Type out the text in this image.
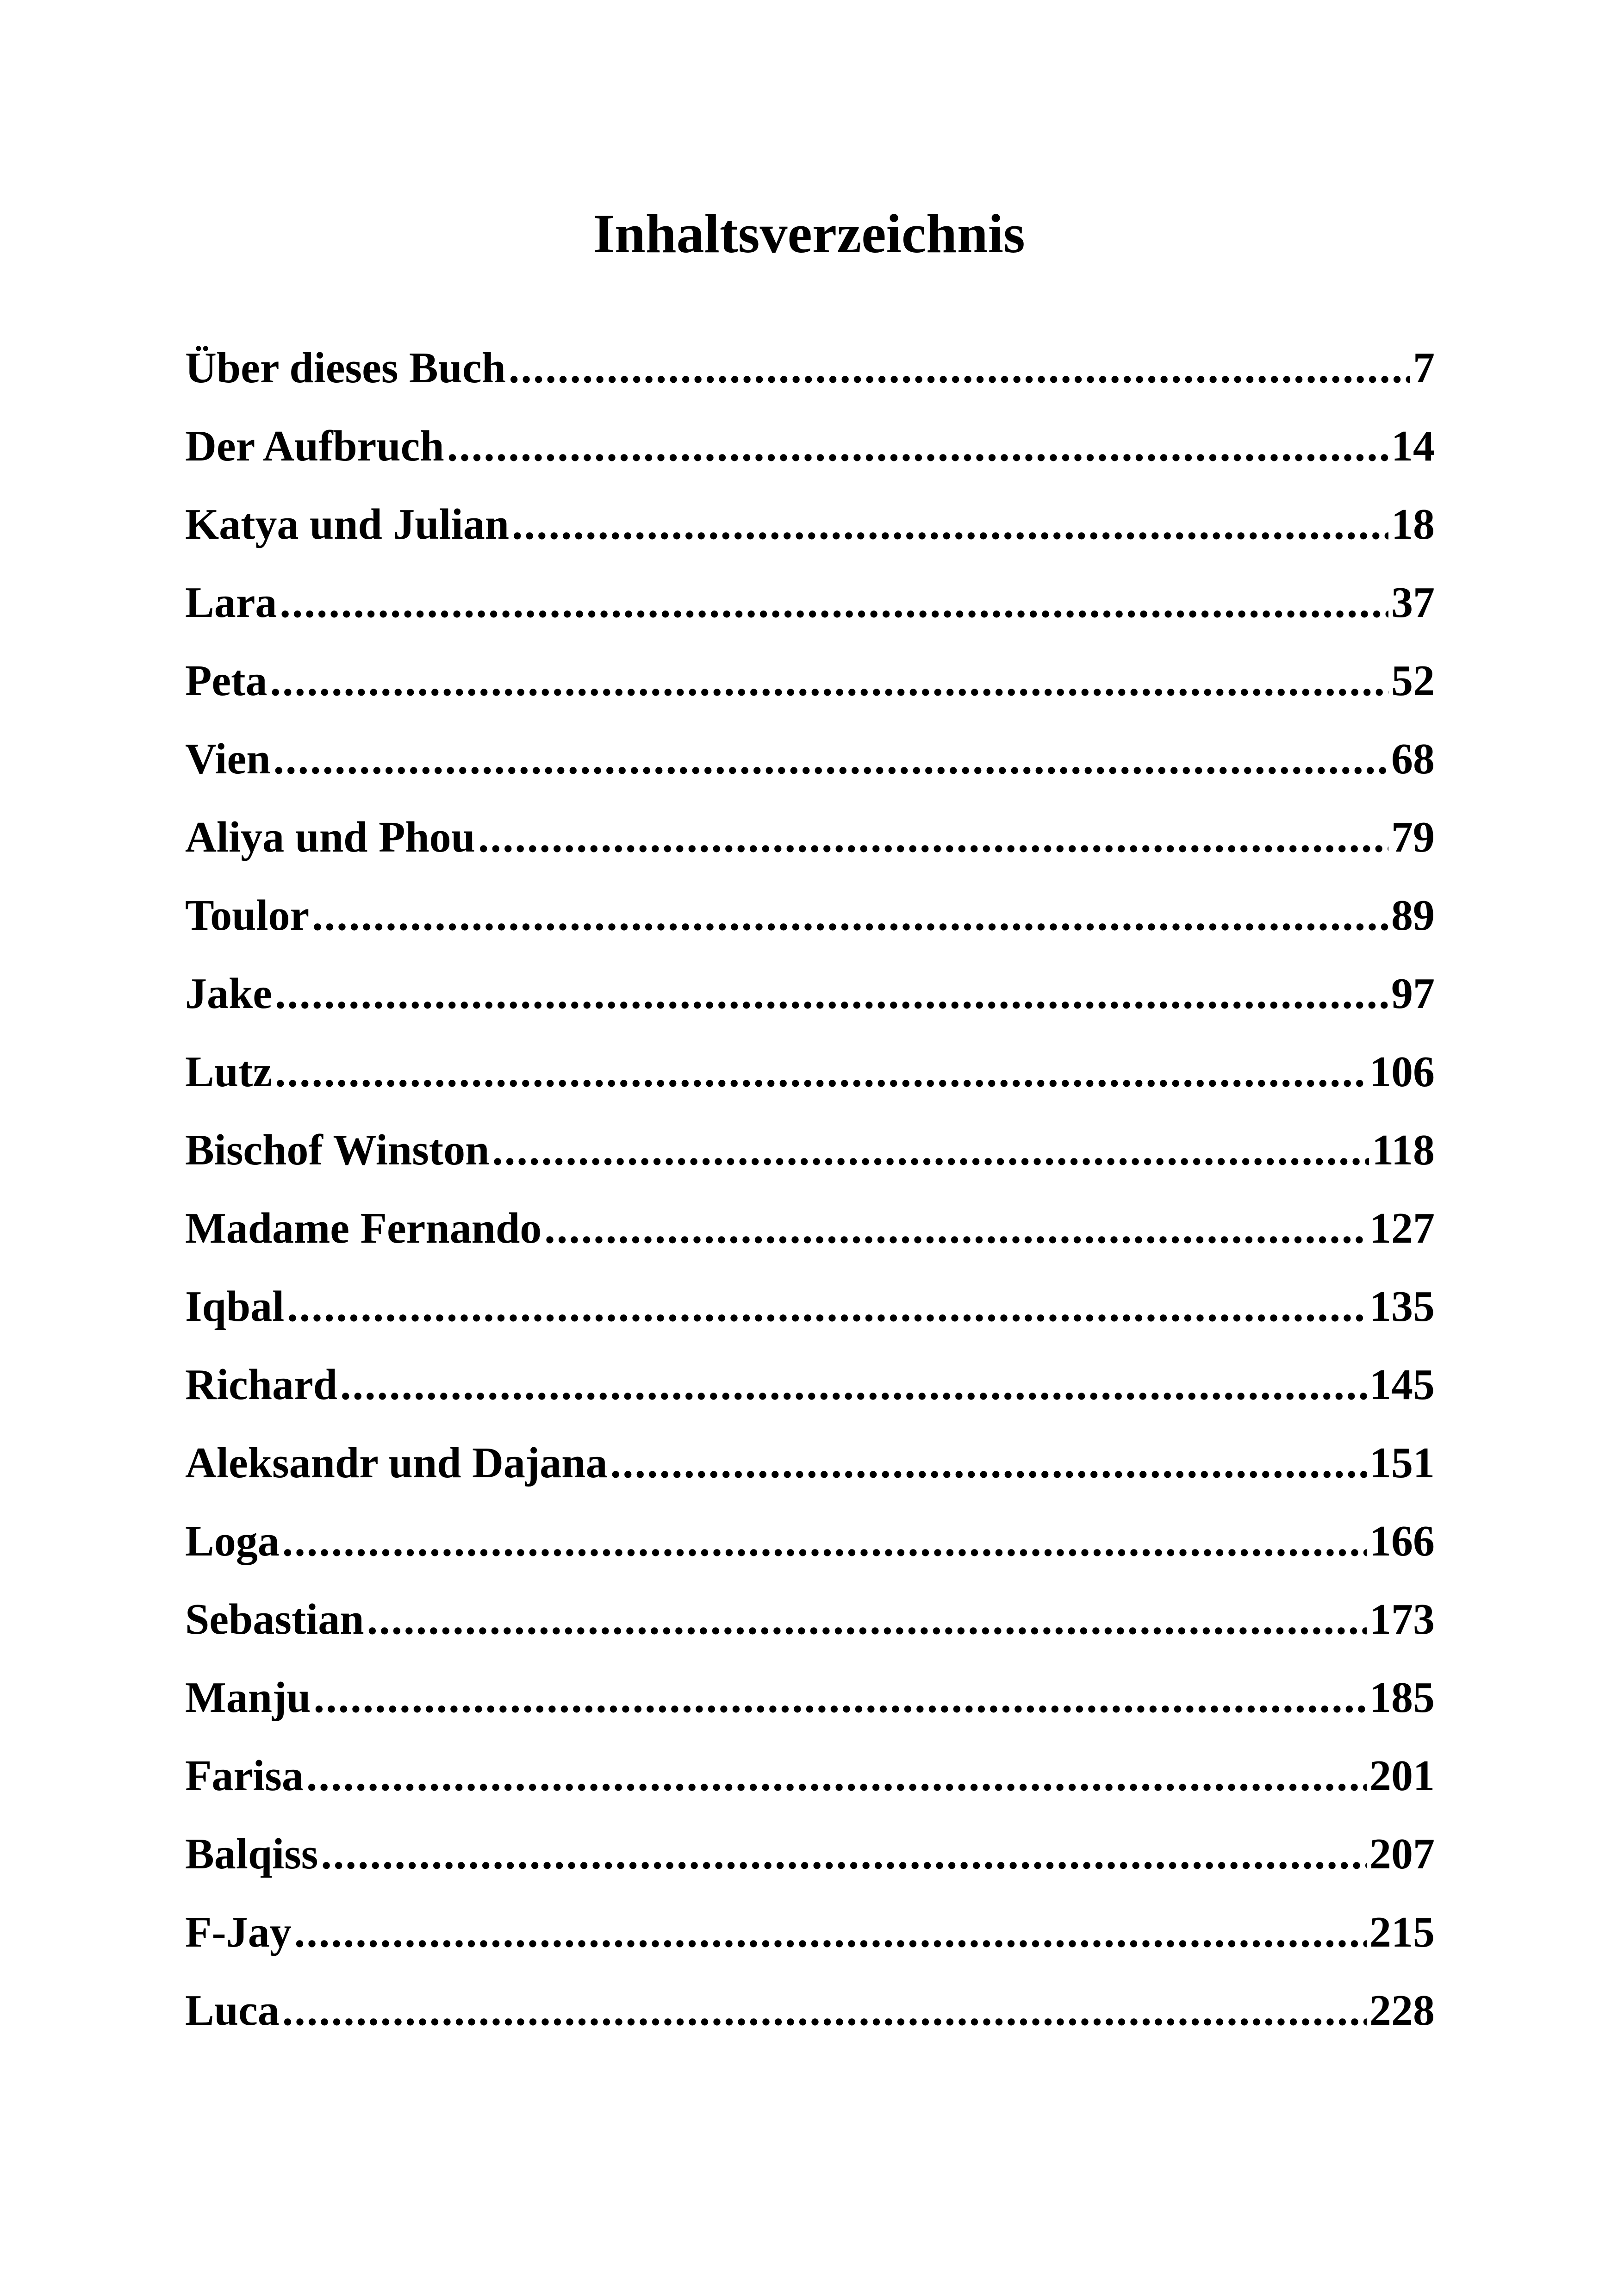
Inhaltsverzeichnis
Über dieses Buch .....	7
Der Aufbruch .....	14
Katya und Julian .....	18
Lara .....	37
Peta .....	52
Vien .....	68
Aliya und Phou .....	79
Toulor .....	89
Jake .....	97
Lutz .....	106
Bischof Winston .....	118
Madame Fernando .....	127
Iqbal .....	135
Richard .....	145
Aleksandr und Dajana .....	151
Loga .....	166
Sebastian .....	173
Manju .....	185
Farisa .....	201
Balqiss .....	207
F-Jay .....	215
Luca .....	228
